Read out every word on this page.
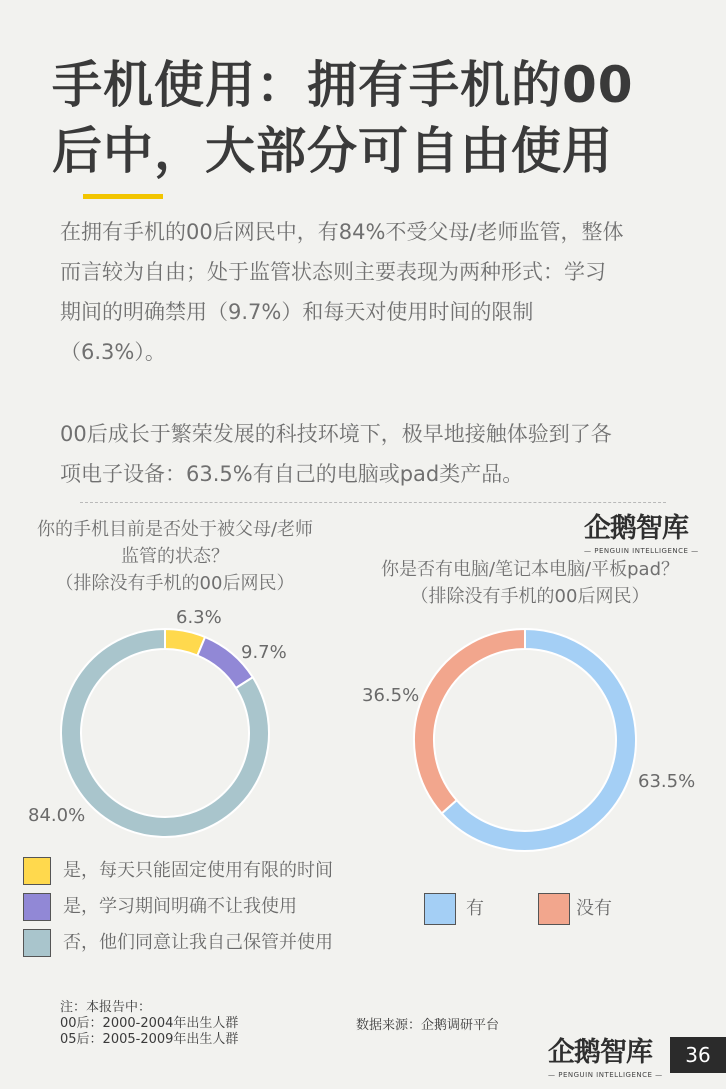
手机使用：拥有手机的00
后中，大部分可自由使用
在拥有手机的00后网民中，有84%不受父母/老师监管，整体
而言较为自由；处于监管状态则主要表现为两种形式：学习
期间的明确禁用（9.7%）和每天对使用时间的限制
（6.3%）。
00后成长于繁荣发展的科技环境下，极早地接触体验到了各
项电子设备：63.5%有自己的电脑或pad类产品。
你的手机目前是否处于被父母/老师
监管的状态？
（排除没有手机的00后网民）
你是否有电脑/笔记本电脑/平板pad？
（排除没有手机的00后网民）
企鹅智库
— PENGUIN INTELLIGENCE —
6.3%
9.7%
84.0%
63.5%
36.5%
是，每天只能固定使用有限的时间
是，学习期间明确不让我使用
否，他们同意让我自己保管并使用
有	没有
注：本报告中：
00后：2000-2004年出生人群
05后：2005-2009年出生人群
数据来源：企鹅调研平台
企鹅智库
— PENGUIN INTELLIGENCE —
36
